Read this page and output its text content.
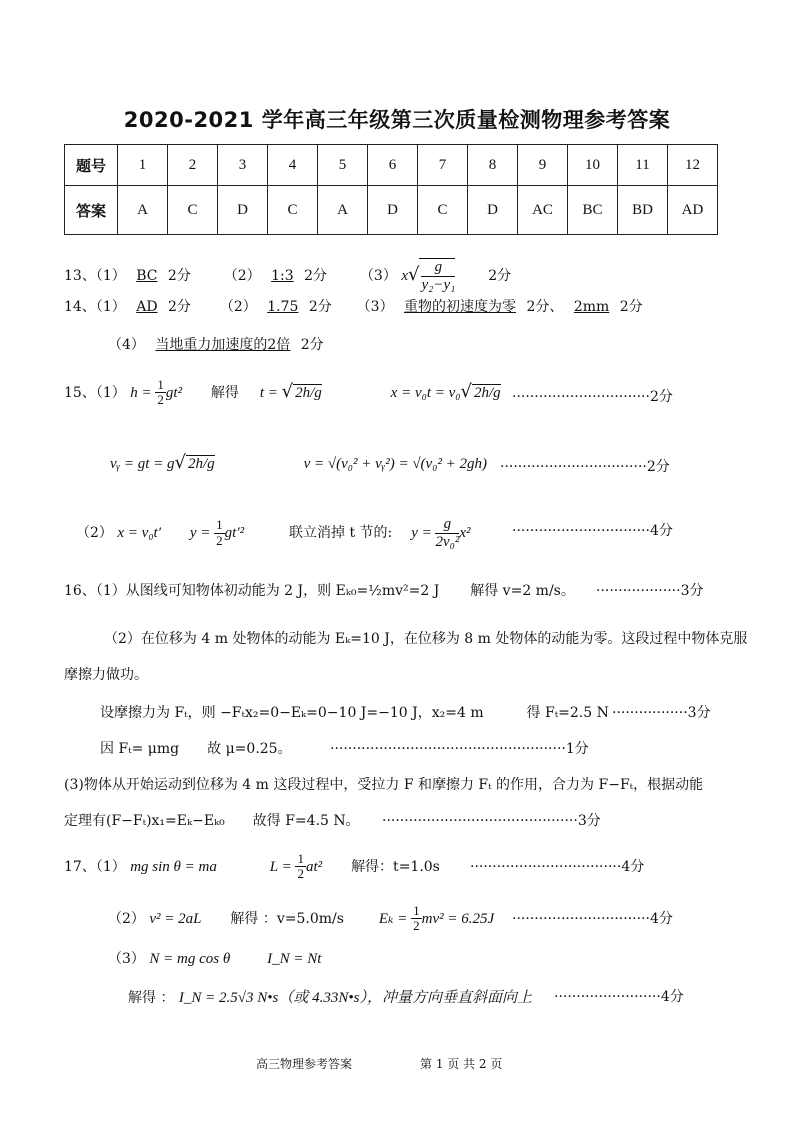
2020-2021 学年高三年级第三次质量检测物理参考答案
题号	1	2	3	4	5	6	7	8	9	10	11	12
答案	A	C	D	C	A	D	C	D	AC	BC	BD	AD
13、（1） BC 2分 （2） 1:3 2分 （3） $x√ \frac{g}{\text{y₂−y₁}} 2$分
14、（1） AD 2分 （2） 1.75 2分 （3） 重物的初速度为零 2分、 2mm 2分
（4） 当地重力加速度的2倍 2分
15、（1） $h = \frac{1}{2} gt^2$ 解得 t = √ 2h/g	x = v₀t = v₀√ 2h/g ·······························2分
vᵧ = gt = g√ 2h/g	v = √(v₀² + vᵧ²) = √(v₀² + 2gh) ·································2分
（2） x = v₀t′ $y = \frac{1}{2} gt'^2$	联立消掉 t 节的: $y = \frac{g}{\text{2v₀²}} x^2$	·······························4分
16、（1）从图线可知物体初动能为 2 J，则 Eₖ₀=½mv²=2 J 解得 v=2 m/s。 ···················3分
（2）在位移为 4 m 处物体的动能为 Eₖ=10 J，在位移为 8 m 处物体的动能为零。这段过程中物体克服
摩擦力做功。
设摩擦力为 Fₜ，则 −Fₜx₂=0−Eₖ=0−10 J=−10 J，x₂=4 m	得 Fₜ=2.5 N ·················3分
因 Fₜ= μmg　　故 μ=0.25。	·····················································1分
(3)物体从开始运动到位移为 4 m 这段过程中，受拉力 F 和摩擦力 Fₜ 的作用，合力为 F−Fₜ，根据动能
定理有(F−Fₜ)x₁=Eₖ−Eₖ₀　　故得 F=4.5 N。 ············································3分
17、（1） mg sin θ = ma	$L = \frac{1}{2} at^2$ 解得：t=1.0s ··································4分
（2） v² = 2aL 解得 ：v=5.0m/s $E_k = \frac{1}{2} mv^2 = 6.25J \cdot\cdot\cdot\cdot\cdot\cdot\cdot\cdot\cdot\cdot\cdot\cdot\cdot\cdot\cdot\cdot\cdot\cdot\cdot\cdot\cdot\cdot\cdot\cdot\cdot\cdot\cdot\cdot\cdot\cdot\cdot 4$分
（3） N = mg cos θ I_N = Nt
解得 ： I_N = 2.5√3 N•s（或 4.33N•s），冲量方向垂直斜面向上 ························4分
高三物理参考答案	第 1 页 共 2 页
